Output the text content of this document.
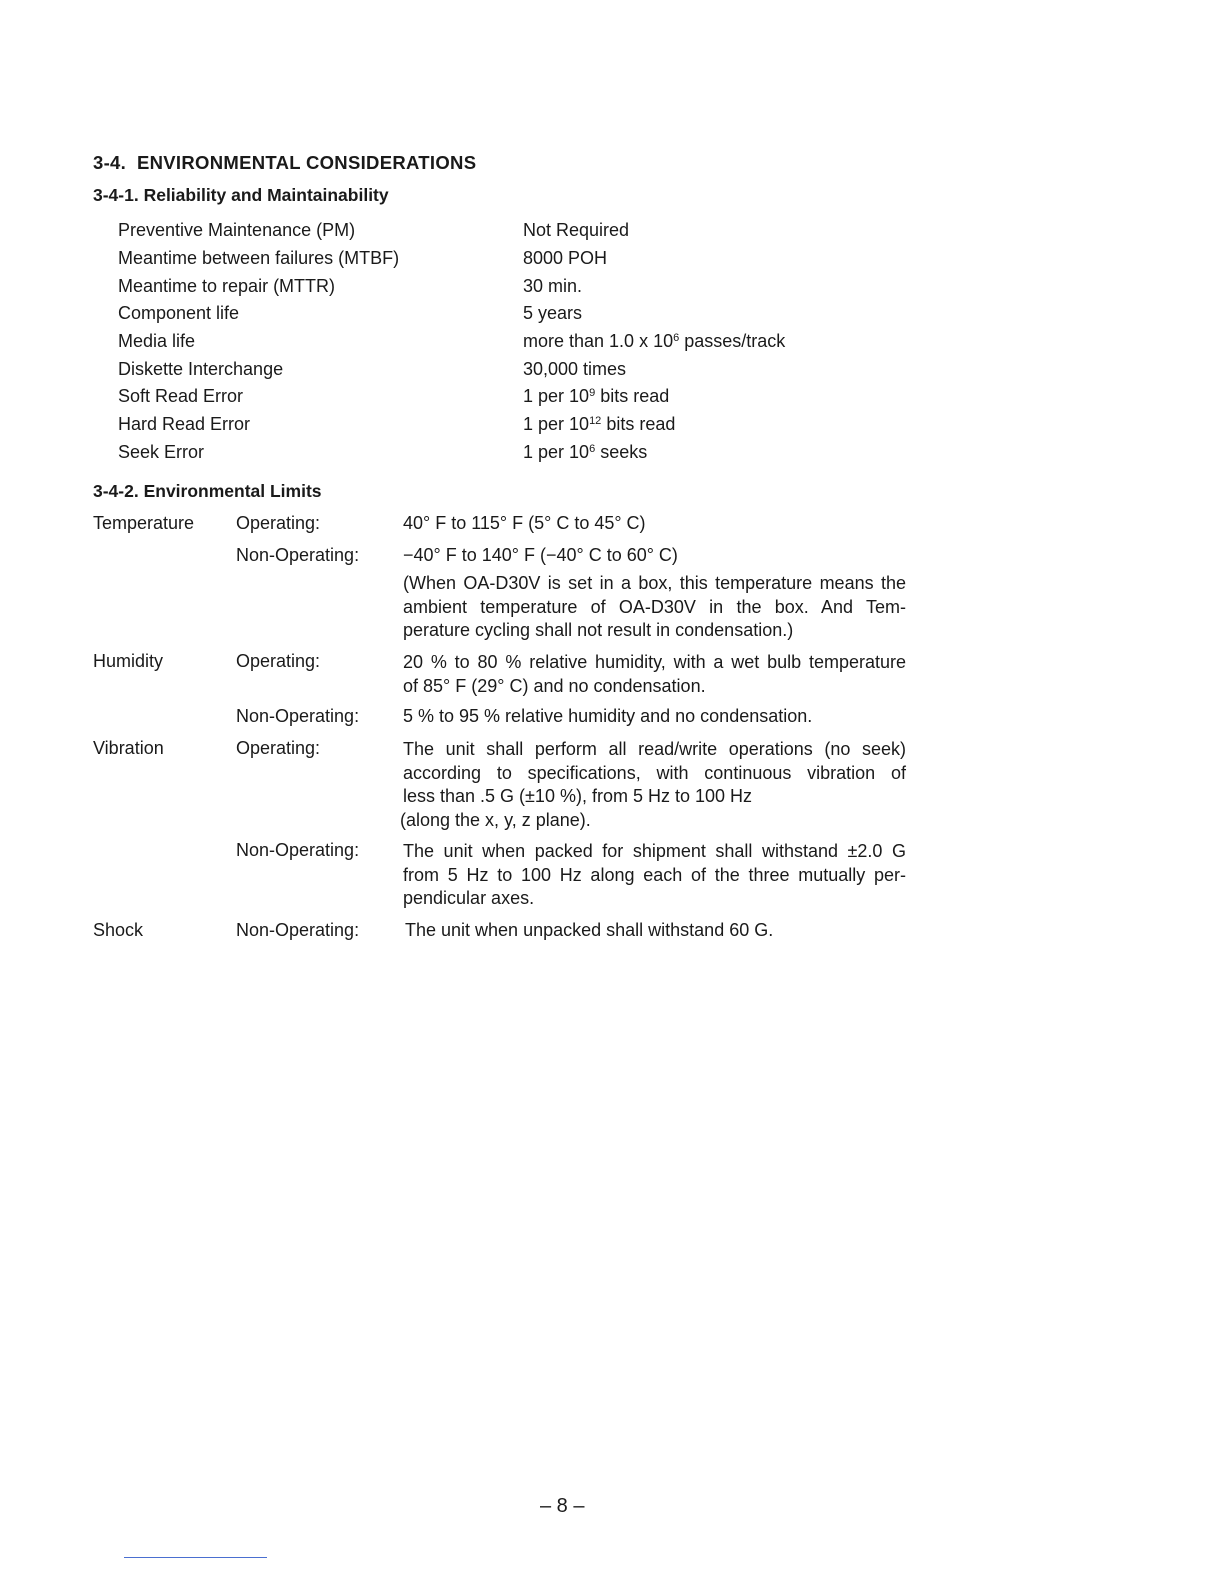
3-4. ENVIRONMENTAL CONSIDERATIONS
3-4-1. Reliability and Maintainability
Preventive Maintenance (PM)	Not Required
Meantime between failures (MTBF)	8000 POH
Meantime to repair (MTTR)	30 min.
Component life	5 years
Media life	more than 1.0 x $10^6$ passes/track
Diskette Interchange	30,000 times
Soft Read Error	1 per $10^9$ bits read
Hard Read Error	1 per $10^{12}$ bits read
Seek Error	1 per $10^6$ seeks
3-4-2. Environmental Limits
Temperature Operating:	40° F to 115° F (5° C to 45° C)
Non-Operating: −40° F to 140° F (−40° C to 60° C)
(When OA-D30V is set in a box, this temperature means the
ambient temperature of OA-D30V in the box. And Tem-
perature cycling shall not result in condensation.)
Humidity	Operating:	20 % to 80 % relative humidity, with a wet bulb temperature
of 85° F (29° C) and no condensation.
Non-Operating: 5 % to 95 % relative humidity and no condensation.
Vibration	Operating:	The unit shall perform all read/write operations (no seek)
according to specifications, with continuous vibration of
less than .5 G (±10 %), from 5 Hz to 100 Hz
(along the x, y, z plane).
Non-Operating: The unit when packed for shipment shall withstand ±2.0 G
from 5 Hz to 100 Hz along each of the three mutually per-
pendicular axes.
Shock	Non-Operating:	The unit when unpacked shall withstand 60 G.
– 8 –
